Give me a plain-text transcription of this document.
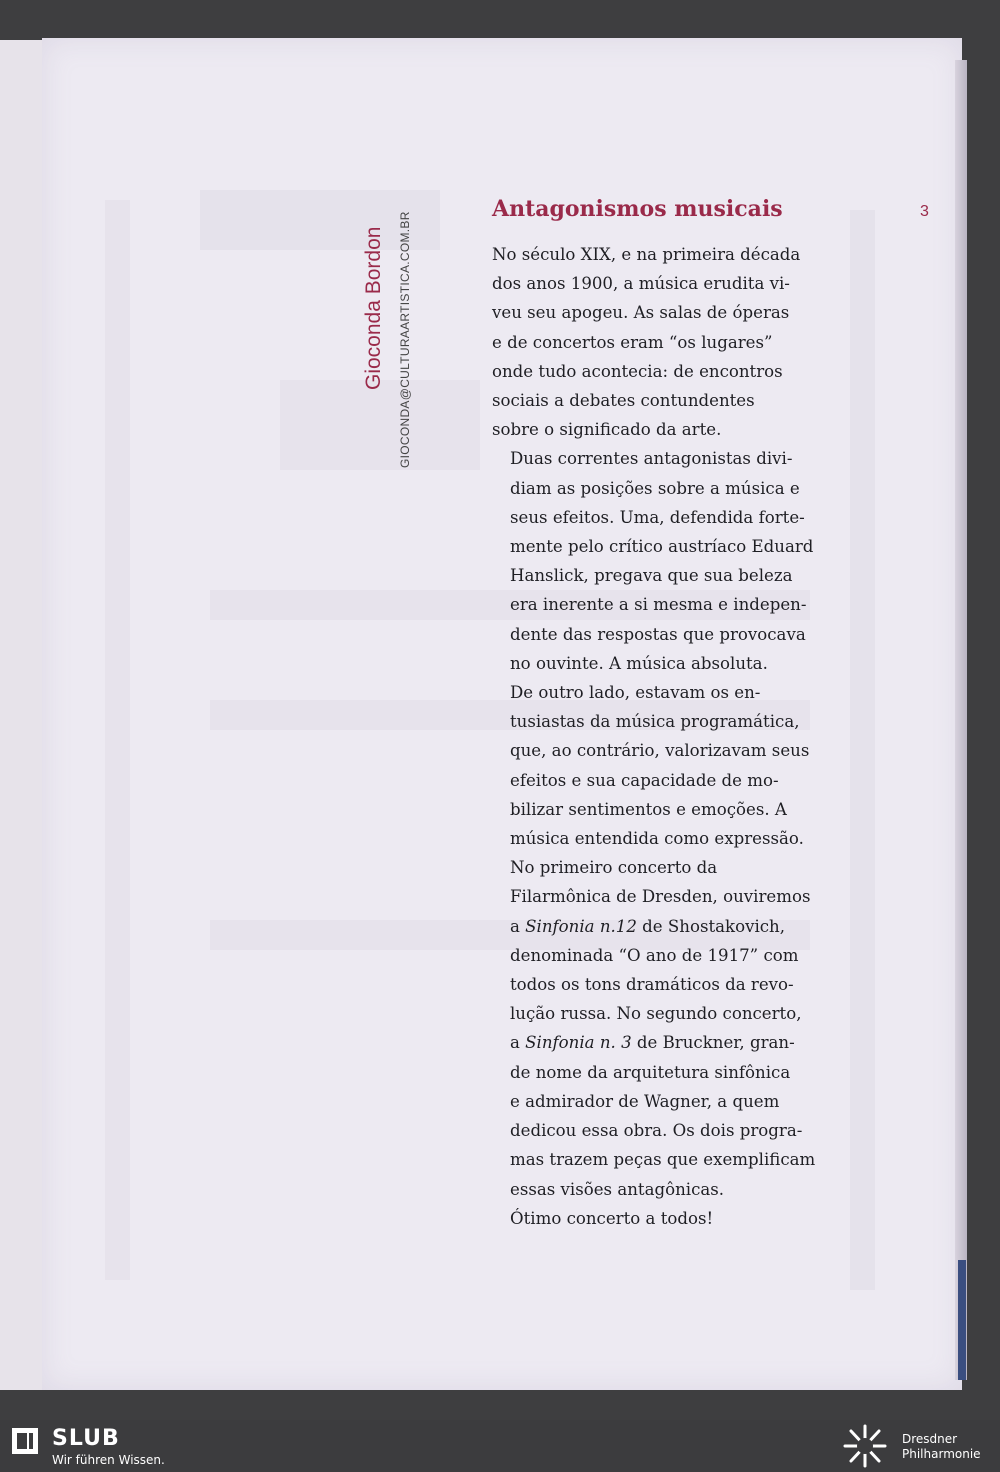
Gioconda Bordon GIOCONDA@CULTURAARTISTICA.COM.BR
Antagonismos musicais	3

No século XIX, e na primeira década
dos anos 1900, a música erudita vi-
veu seu apogeu. As salas de óperas
e de concertos eram “os lugares”
onde tudo acontecia: de encontros
sociais a debates contundentes
sobre o significado da arte.

Duas correntes antagonistas divi-
diam as posições sobre a música e
seus efeitos. Uma, defendida forte-
mente pelo crítico austríaco Eduard
Hanslick, pregava que sua beleza
era inerente a si mesma e indepen-
dente das respostas que provocava
no ouvinte. A música absoluta.

De outro lado, estavam os en-
tusiastas da música programática,
que, ao contrário, valorizavam seus
efeitos e sua capacidade de mo-
bilizar sentimentos e emoções. A
música entendida como expressão.

No primeiro concerto da
Filarmônica de Dresden, ouviremos
a Sinfonia n.12 de Shostakovich,
denominada “O ano de 1917” com
todos os tons dramáticos da revo-
lução russa. No segundo concerto,
a Sinfonia n. 3 de Bruckner, gran-
de nome da arquitetura sinfônica
e admirador de Wagner, a quem
dedicou essa obra. Os dois progra-
mas trazem peças que exemplificam
essas visões antagônicas.

Ótimo concerto a todos!

SLUB
Wir führen Wissen.
Dresdner
Philharmonie
